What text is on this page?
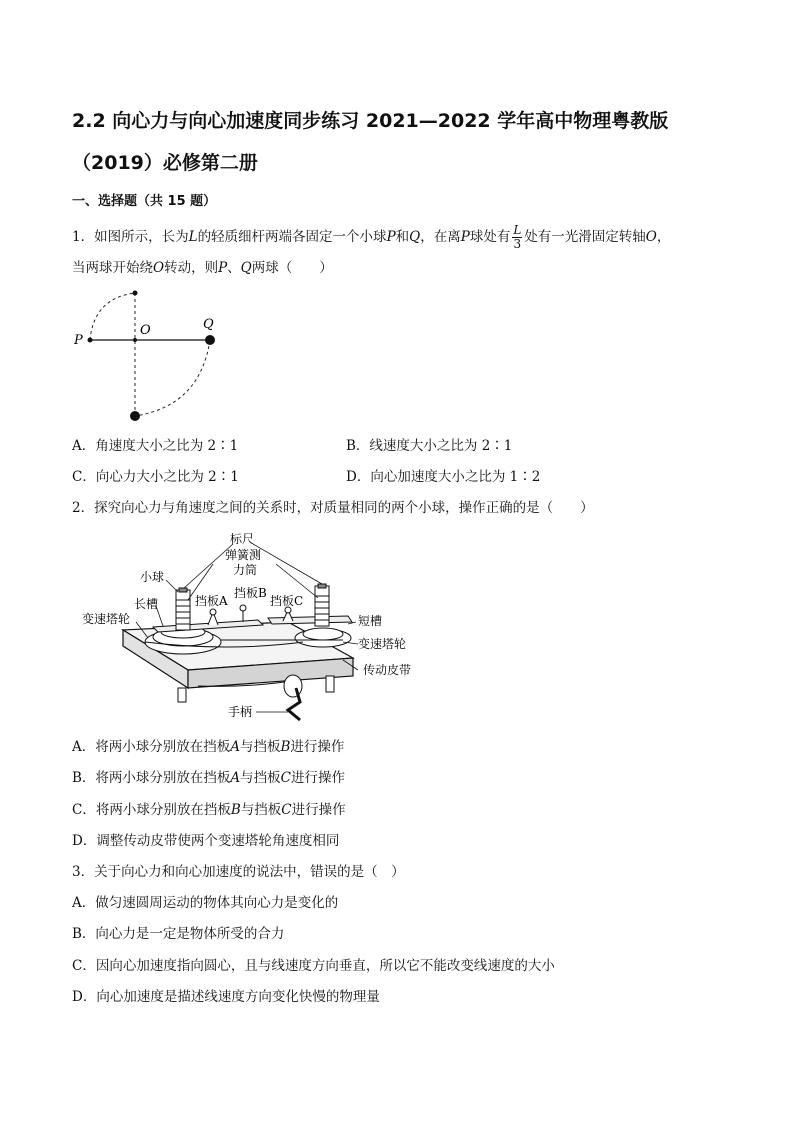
2.2 向心力与向心加速度同步练习 2021—2022 学年高中物理粤教版
（2019）必修第二册
一、选择题（共 15 题）
1．如图所示，长为L的轻质细杆两端各固定一个小球P和Q，在离P球处有 $\frac{L}{3}$ 处有一光滑固定转轴O，
当两球开始绕O转动，则P、Q两球（　　）
P
O	Q
A．角速度大小之比为 2∶1	B．线速度大小之比为 2∶1
C．向心力大小之比为 2∶1	D．向心加速度大小之比为 1∶2
2．探究向心力与角速度之间的关系时，对质量相同的两个小球，操作正确的是（　　）
标尺
弹簧测
力筒
小球
长槽
变速塔轮
挡板A
挡板B
挡板C
短槽
变速塔轮
传动皮带
手柄
A．将两小球分别放在挡板A与挡板B进行操作
B．将两小球分别放在挡板A与挡板C进行操作
C．将两小球分别放在挡板B与挡板C进行操作
D．调整传动皮带使两个变速塔轮角速度相同
3．关于向心力和向心加速度的说法中，错误的是（　）
A．做匀速圆周运动的物体其向心力是变化的
B．向心力是一定是物体所受的合力
C．因向心加速度指向圆心，且与线速度方向垂直，所以它不能改变线速度的大小
D．向心加速度是描述线速度方向变化快慢的物理量
